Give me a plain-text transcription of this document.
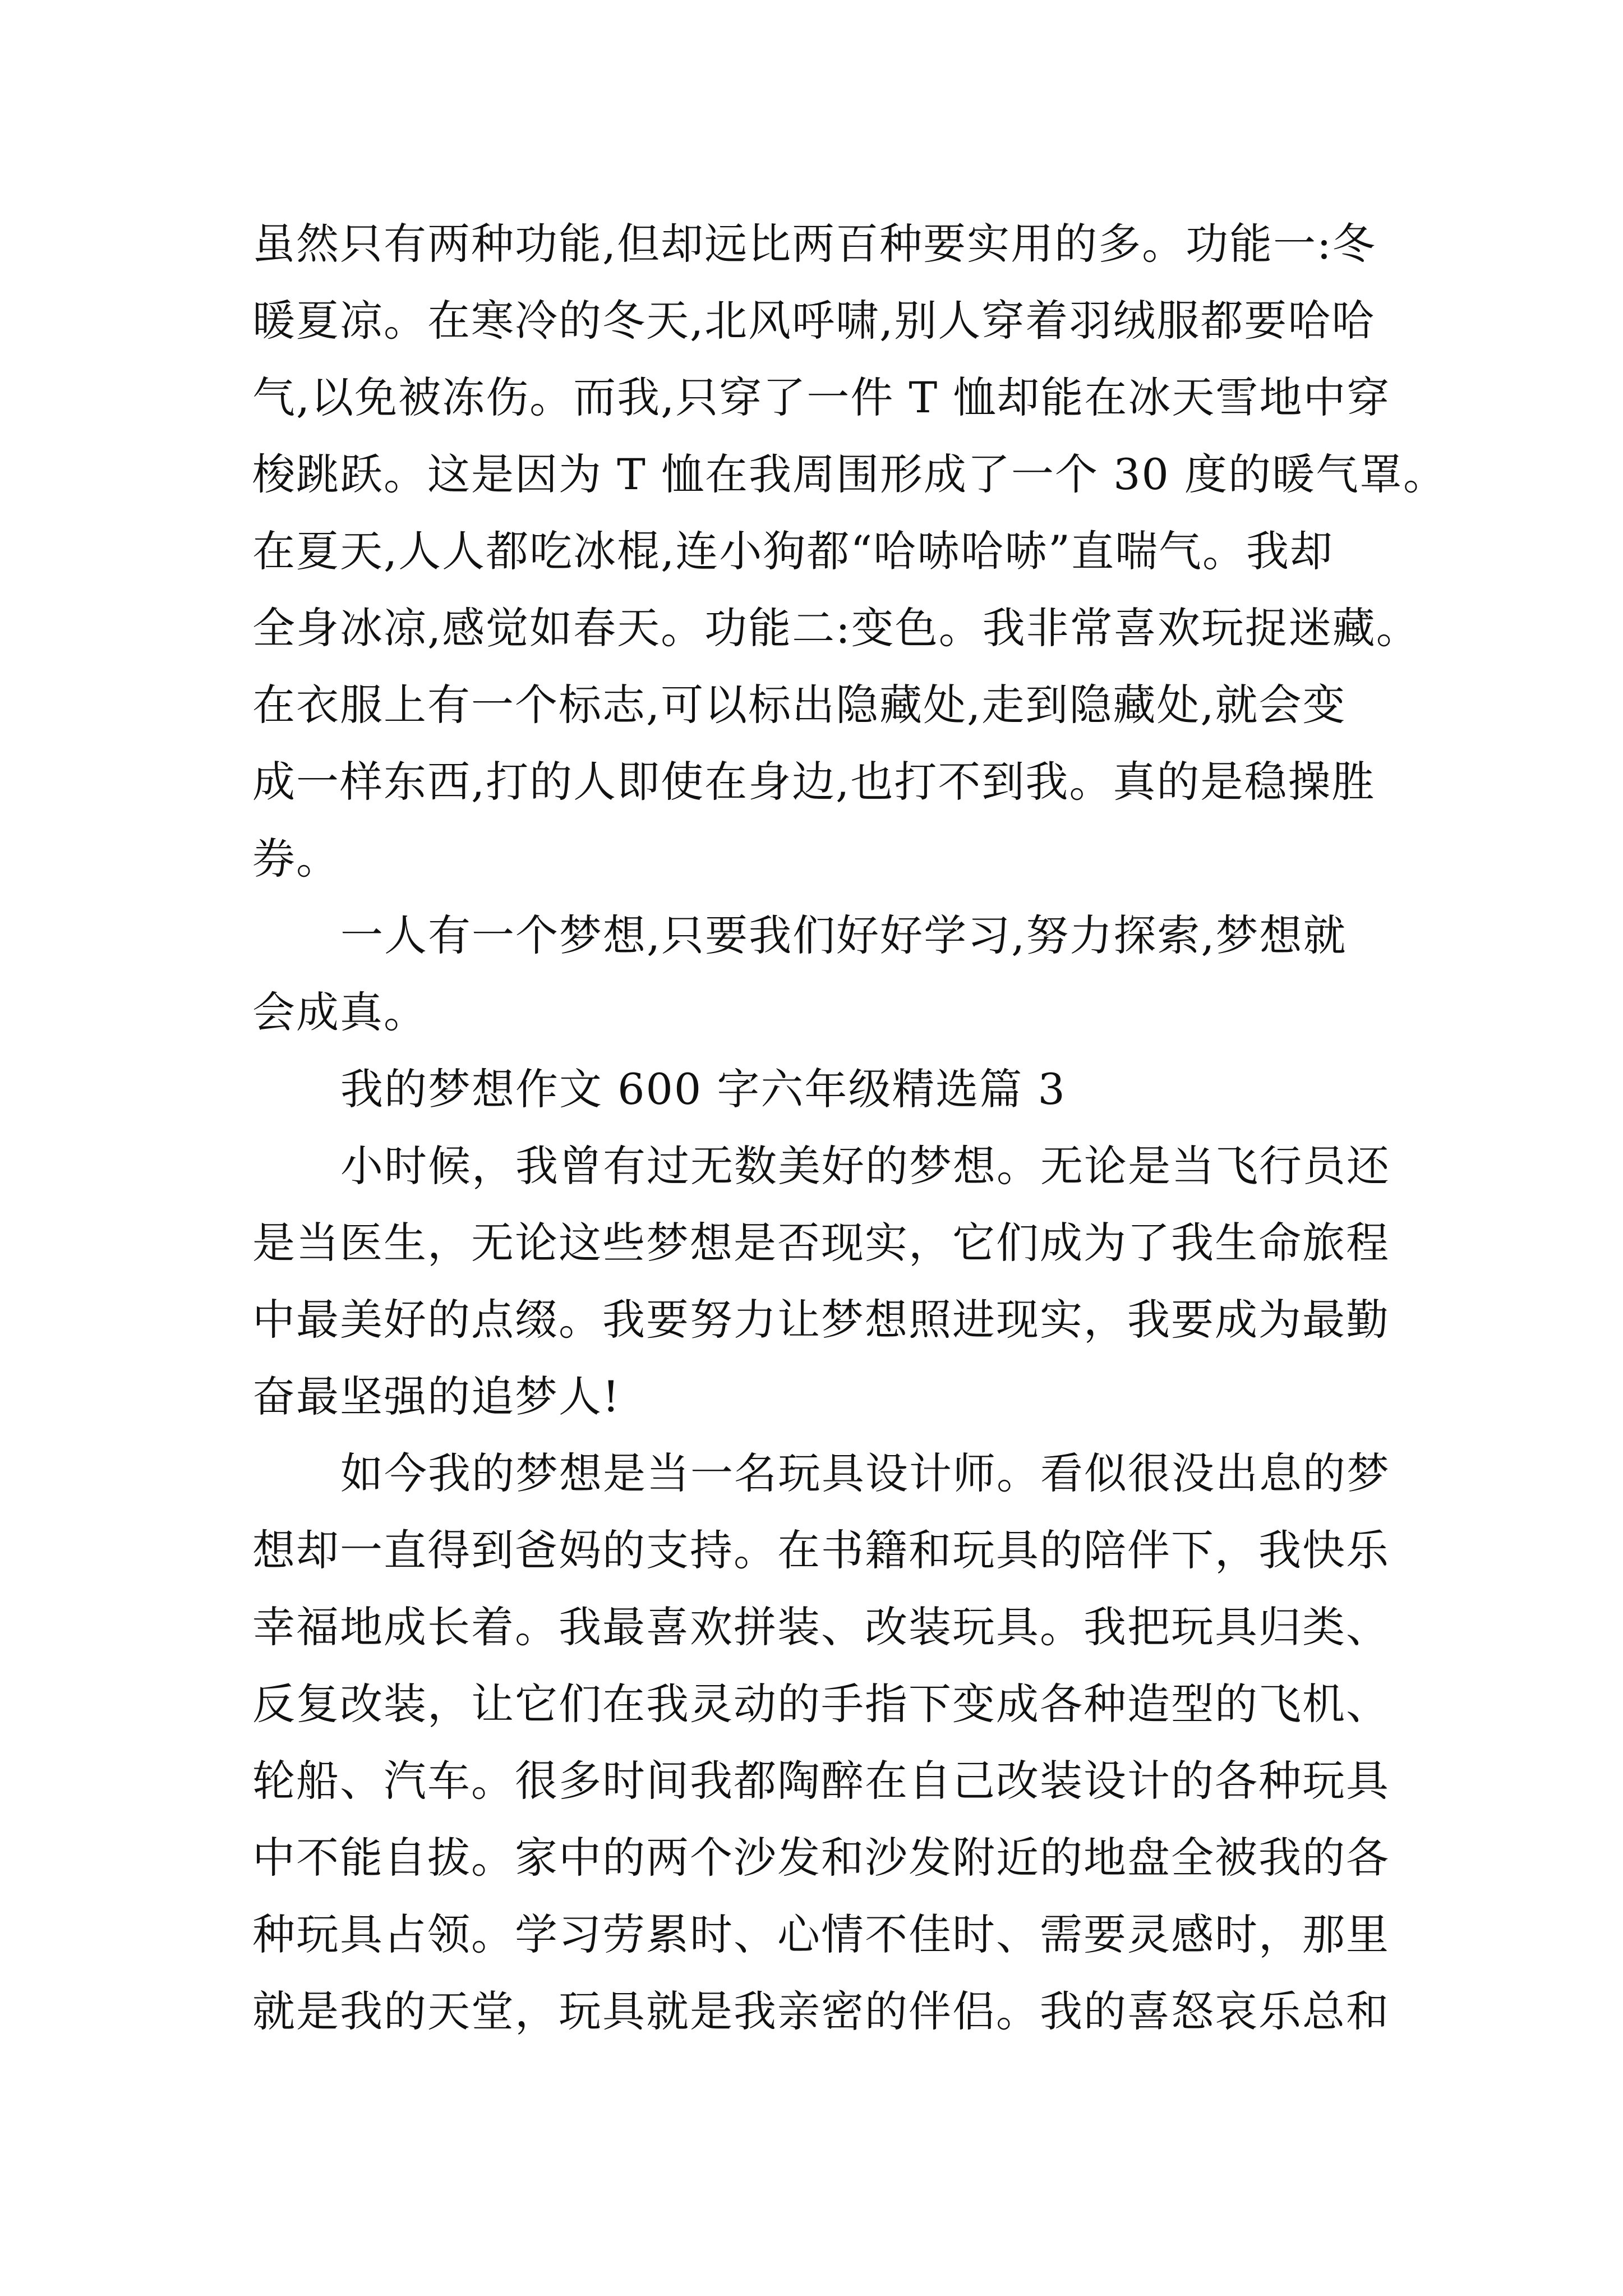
虽然只有两种功能,但却远比两百种要实用的多。功能一:冬
暖夏凉。在寒冷的冬天,北风呼啸,别人穿着羽绒服都要哈哈
气,以免被冻伤。而我,只穿了一件 T 恤却能在冰天雪地中穿
梭跳跃。这是因为 T 恤在我周围形成了一个 30 度的暖气罩。
在夏天,人人都吃冰棍,连小狗都“哈哧哈哧”直喘气。我却
全身冰凉,感觉如春天。功能二:变色。我非常喜欢玩捉迷藏。
在衣服上有一个标志,可以标出隐藏处,走到隐藏处,就会变
成一样东西,打的人即使在身边,也打不到我。真的是稳操胜
券。
一人有一个梦想,只要我们好好学习,努力探索,梦想就
会成真。
我的梦想作文 600 字六年级精选篇 3
小时候，我曾有过无数美好的梦想。无论是当飞行员还
是当医生，无论这些梦想是否现实，它们成为了我生命旅程
中最美好的点缀。我要努力让梦想照进现实，我要成为最勤
奋最坚强的追梦人!
如今我的梦想是当一名玩具设计师。看似很没出息的梦
想却一直得到爸妈的支持。在书籍和玩具的陪伴下，我快乐
幸福地成长着。我最喜欢拼装、改装玩具。我把玩具归类、
反复改装，让它们在我灵动的手指下变成各种造型的飞机、
轮船、汽车。很多时间我都陶醉在自己改装设计的各种玩具
中不能自拔。家中的两个沙发和沙发附近的地盘全被我的各
种玩具占领。学习劳累时、心情不佳时、需要灵感时，那里
就是我的天堂，玩具就是我亲密的伴侣。我的喜怒哀乐总和
